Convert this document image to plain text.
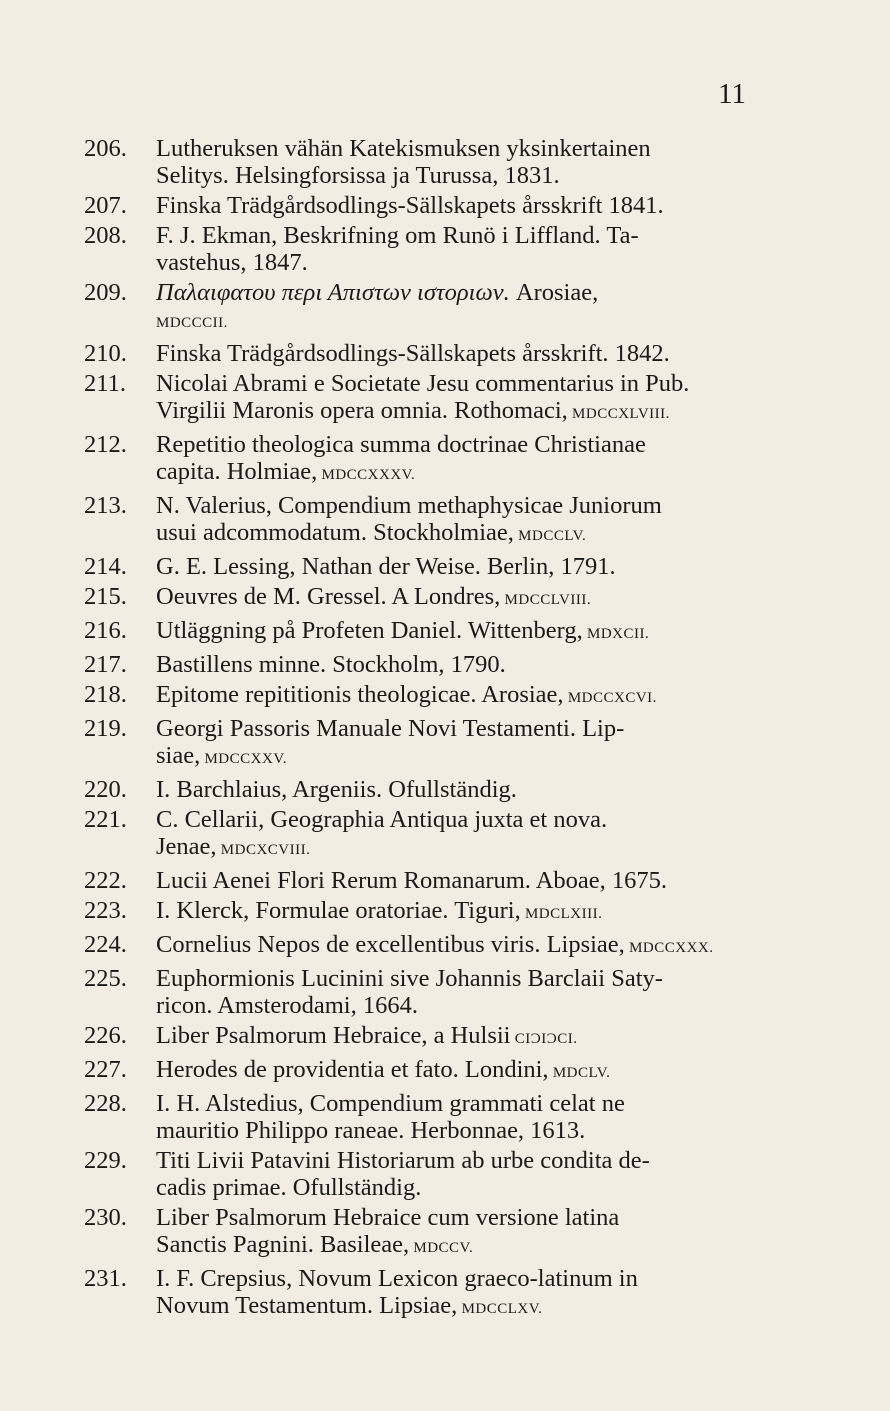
11
206.	Lutheruksen vähän Katekismuksen yksinkertainen
Selitys. Helsingforsissa ja Turussa, 1831.
207.	Finska Trädgårdsodlings-Sällskapets årsskrift 1841.
208.	F. J. Ekman, Beskrifning om Runö i Liffland. Ta-
vastehus, 1847.
209.	Παλαιφατου περι Απιστων ιστοριων. Arosiae,
MDCCCII.
210.	Finska Trädgårdsodlings-Sällskapets årsskrift. 1842.
211.	Nicolai Abrami e Societate Jesu commentarius in Pub.
Virgilii Maronis opera omnia. Rothomaci, MDCCXLVIII.
212.	Repetitio theologica summa doctrinae Christianae
capita. Holmiae, MDCCXXXV.
213.	N. Valerius, Compendium methaphysicae Juniorum
usui adcommodatum. Stockholmiae, MDCCLV.
214.	G. E. Lessing, Nathan der Weise. Berlin, 1791.
215.	Oeuvres de M. Gressel. A Londres, MDCCLVIII.
216.	Utläggning på Profeten Daniel. Wittenberg, MDXCII.
217.	Bastillens minne. Stockholm, 1790.
218.	Epitome repititionis theologicae. Arosiae, MDCCXCVI.
219.	Georgi Passoris Manuale Novi Testamenti. Lip-
siae, MDCCXXV.
220.	I. Barchlaius, Argeniis. Ofullständig.
221.	C. Cellarii, Geographia Antiqua juxta et nova.
Jenae, MDCXCVIII.
222.	Lucii Aenei Flori Rerum Romanarum. Aboae, 1675.
223.	I. Klerck, Formulae oratoriae. Tiguri, MDCLXIII.
224.	Cornelius Nepos de excellentibus viris. Lipsiae, MDCCXXX.
225.	Euphormionis Lucinini sive Johannis Barclaii Saty-
ricon. Amsterodami, 1664.
226.	Liber Psalmorum Hebraice, a Hulsii CIƆIƆCI.
227.	Herodes de providentia et fato. Londini, MDCLV.
228.	I. H. Alstedius, Compendium grammati celat ne
mauritio Philippo raneae. Herbonnae, 1613.
229.	Titi Livii Patavini Historiarum ab urbe condita de-
cadis primae. Ofullständig.
230.	Liber Psalmorum Hebraice cum versione latina
Sanctis Pagnini. Basileae, MDCCV.
231.	I. F. Crepsius, Novum Lexicon graeco-latinum in
Novum Testamentum. Lipsiae, MDCCLXV.
